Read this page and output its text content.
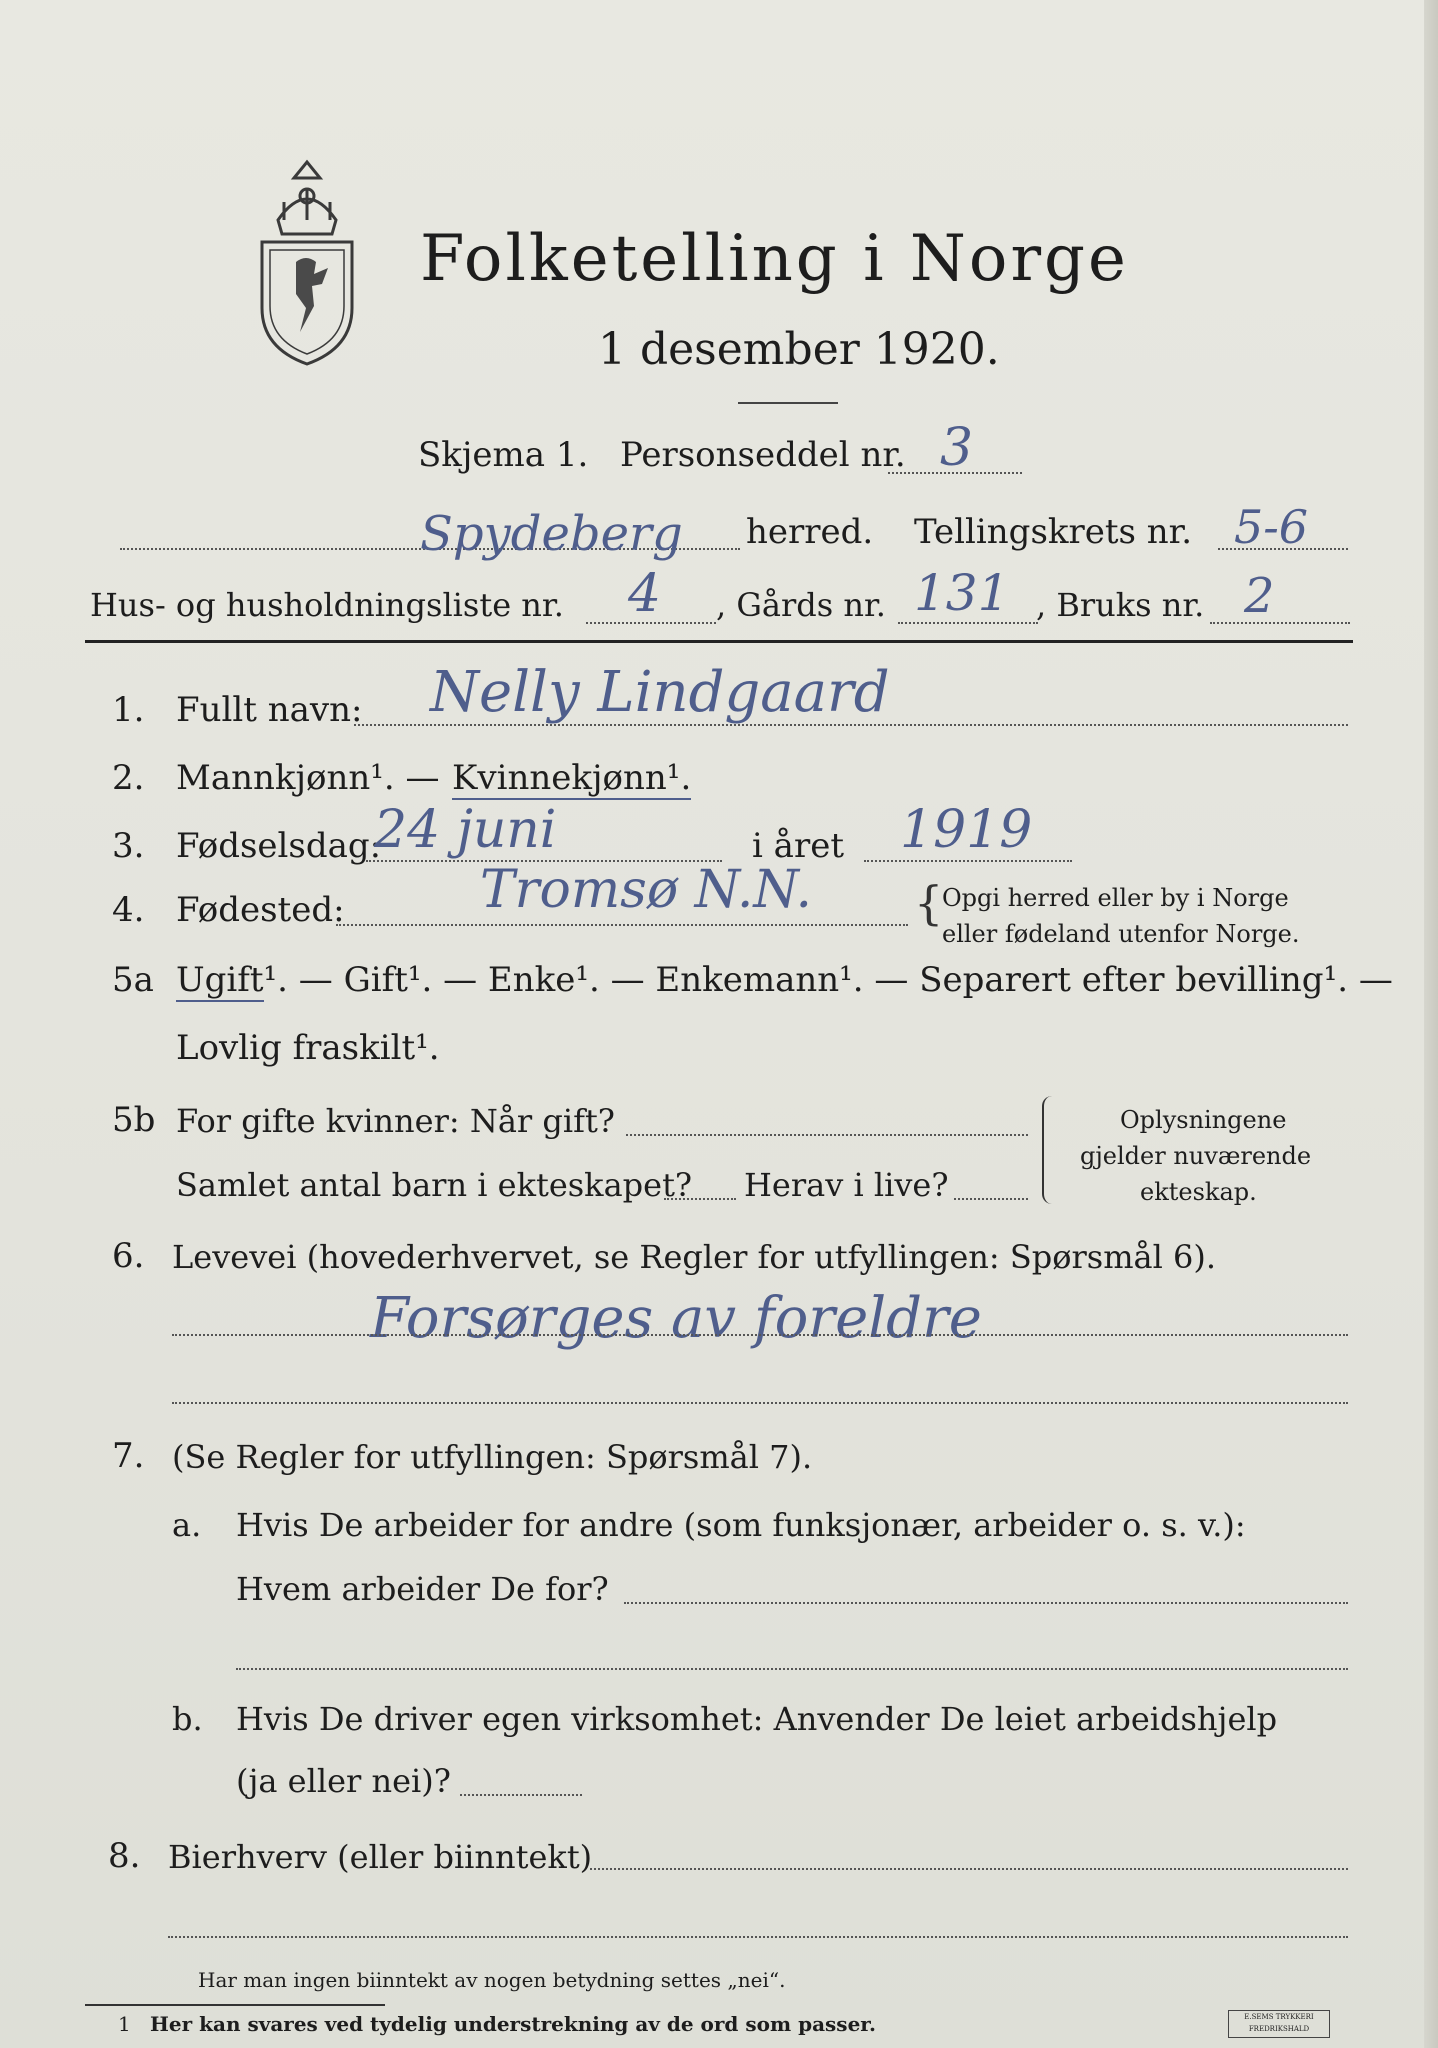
Folketelling i Norge
1 desember 1920.
Skjema 1. Personseddel nr. 3
Spydeberg herred. Tellingskrets nr. 5-6
Hus- og husholdningsliste nr. 4 , Gårds nr. 131 , Bruks nr. 2
1. Fullt navn: Nelly Lindgaard
2. Mannkjønn¹. — Kvinnekjønn¹.
3. Fødselsdag:
24 juni	i året 1919
4. Fødested:	Tromsø N.N. {
Opgi herred eller by i Norge
eller fødeland utenfor Norge.
5a Ugift¹. — Gift¹. — Enke¹. — Enkemann¹. — Separert efter bevilling¹. —
Lovlig fraskilt¹.
5b For gifte kvinner: Når gift?
Samlet antal barn i ekteskapet? Herav i live?
Oplysningene
gjelder nuværende
ekteskap.
6. Levevei (hovederhvervet, se Regler for utfyllingen: Spørsmål 6).
Forsørges av foreldre
7. (Se Regler for utfyllingen: Spørsmål 7).
a. Hvis De arbeider for andre (som funksjonær, arbeider o. s. v.):
Hvem arbeider De for?
b. Hvis De driver egen virksomhet: Anvender De leiet arbeidshjelp
(ja eller nei)?
8. Bierhverv (eller biinntekt)
Har man ingen biinntekt av nogen betydning settes „nei“.
1 Her kan svares ved tydelig understrekning av de ord som passer.	E.SEMS TRYKKERI FREDRIKSHALD
